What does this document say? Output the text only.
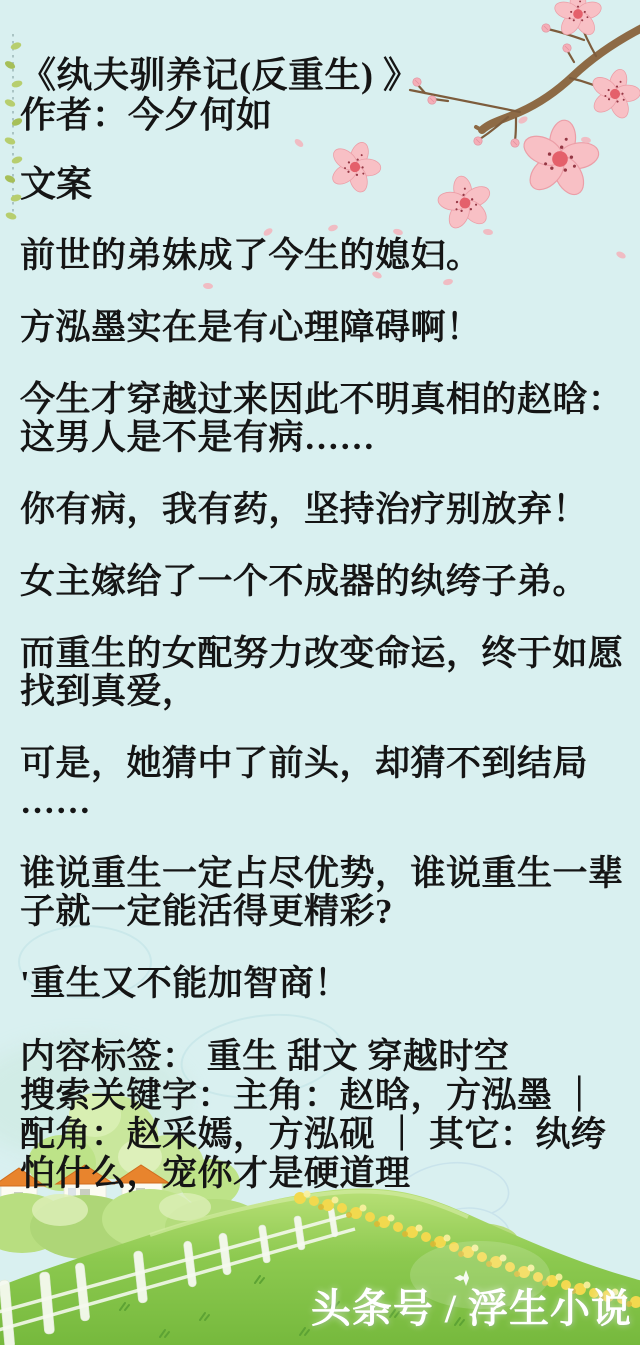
《纨夫驯养记(反重生) 》
作者：今夕何如
文案

前世的弟妹成了今生的媳妇。

方泓墨实在是有心理障碍啊！

今生才穿越过来因此不明真相的赵晗：
这男人是不是有病……

你有病，我有药，坚持治疗别放弃！

女主嫁给了一个不成器的纨绔子弟。

而重生的女配努力改变命运，终于如愿
找到真爱，

可是，她猜中了前头，却猜不到结局
……

谁说重生一定占尽优势，谁说重生一辈
子就一定能活得更精彩?

'重生又不能加智商！

内容标签： 重生 甜文 穿越时空
搜索关键字：主角：赵晗，方泓墨 ｜
配角：赵采嫣，方泓砚 ｜ 其它：纨绔
怕什么，宠你才是硬道理

头条号 / 浮生小说
